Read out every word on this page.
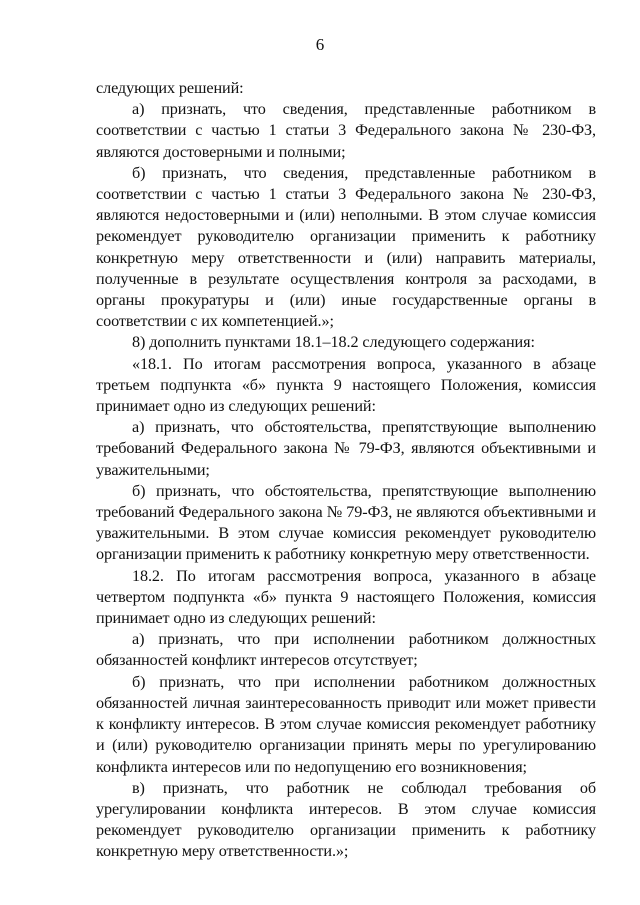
6

следующих решений:

а) признать, что сведения, представленные работником в соответствии с частью 1 статьи 3 Федерального закона № 230-ФЗ, являются достоверными и полными;

б) признать, что сведения, представленные работником в соответствии с частью 1 статьи 3 Федерального закона № 230-ФЗ, являются недостоверными и (или) неполными. В этом случае комиссия рекомендует руководителю организации применить к работнику конкретную меру ответственности и (или) направить материалы, полученные в результате осуществления контроля за расходами, в органы прокуратуры и (или) иные государственные органы в соответствии с их компетенцией.»;

8) дополнить пунктами 18.1–18.2 следующего содержания:

«18.1. По итогам рассмотрения вопроса, указанного в абзаце третьем подпункта «б» пункта 9 настоящего Положения, комиссия принимает одно из следующих решений:

а) признать, что обстоятельства, препятствующие выполнению требований Федерального закона № 79-ФЗ, являются объективными и уважительными;

б) признать, что обстоятельства, препятствующие выполнению требований Федерального закона № 79-ФЗ, не являются объективными и уважительными. В этом случае комиссия рекомендует руководителю организации применить к работнику конкретную меру ответственности.

18.2. По итогам рассмотрения вопроса, указанного в абзаце четвертом подпункта «б» пункта 9 настоящего Положения, комиссия принимает одно из следующих решений:

а) признать, что при исполнении работником должностных обязанностей конфликт интересов отсутствует;

б) признать, что при исполнении работником должностных обязанностей личная заинтересованность приводит или может привести к конфликту интересов. В этом случае комиссия рекомендует работнику и (или) руководителю организации принять меры по урегулированию конфликта интересов или по недопущению его возникновения;

в) признать, что работник не соблюдал требования об урегулировании конфликта интересов. В этом случае комиссия рекомендует руководителю организации применить к работнику конкретную меру ответственности.»;
